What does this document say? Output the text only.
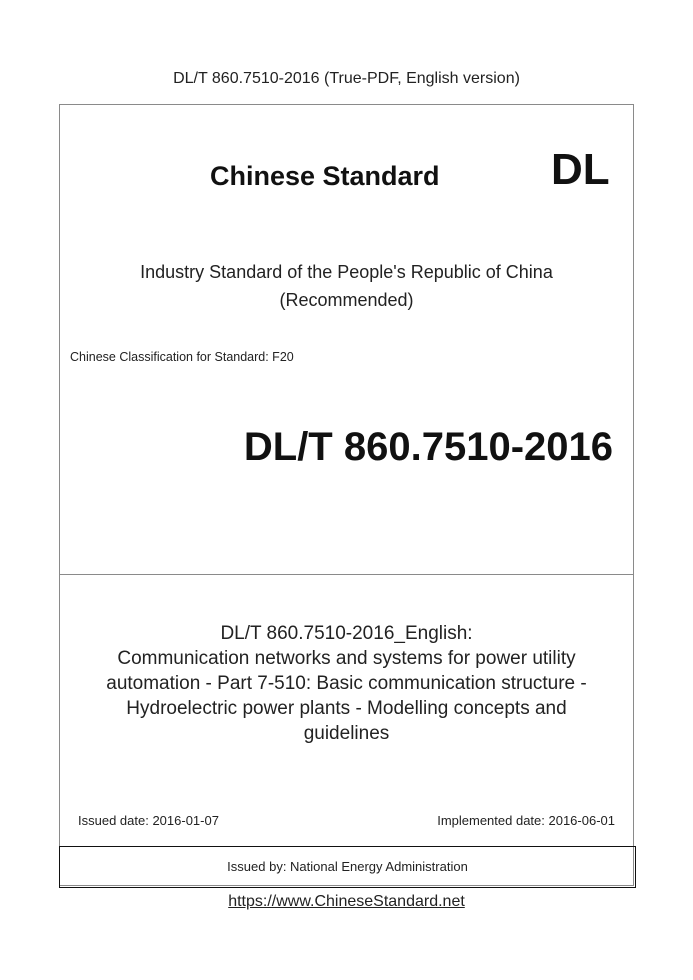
DL/T 860.7510-2016 (True-PDF, English version)
Chinese Standard	DL
Industry Standard of the People's Republic of China
(Recommended)
Chinese Classification for Standard: F20
DL/T 860.7510-2016
DL/T 860.7510-2016_English:
Communication networks and systems for power utility
automation - Part 7-510: Basic communication structure -
Hydroelectric power plants - Modelling concepts and
guidelines
Issued date: 2016-01-07	Implemented date: 2016-06-01
Issued by: National Energy Administration
https://www.ChineseStandard.net
